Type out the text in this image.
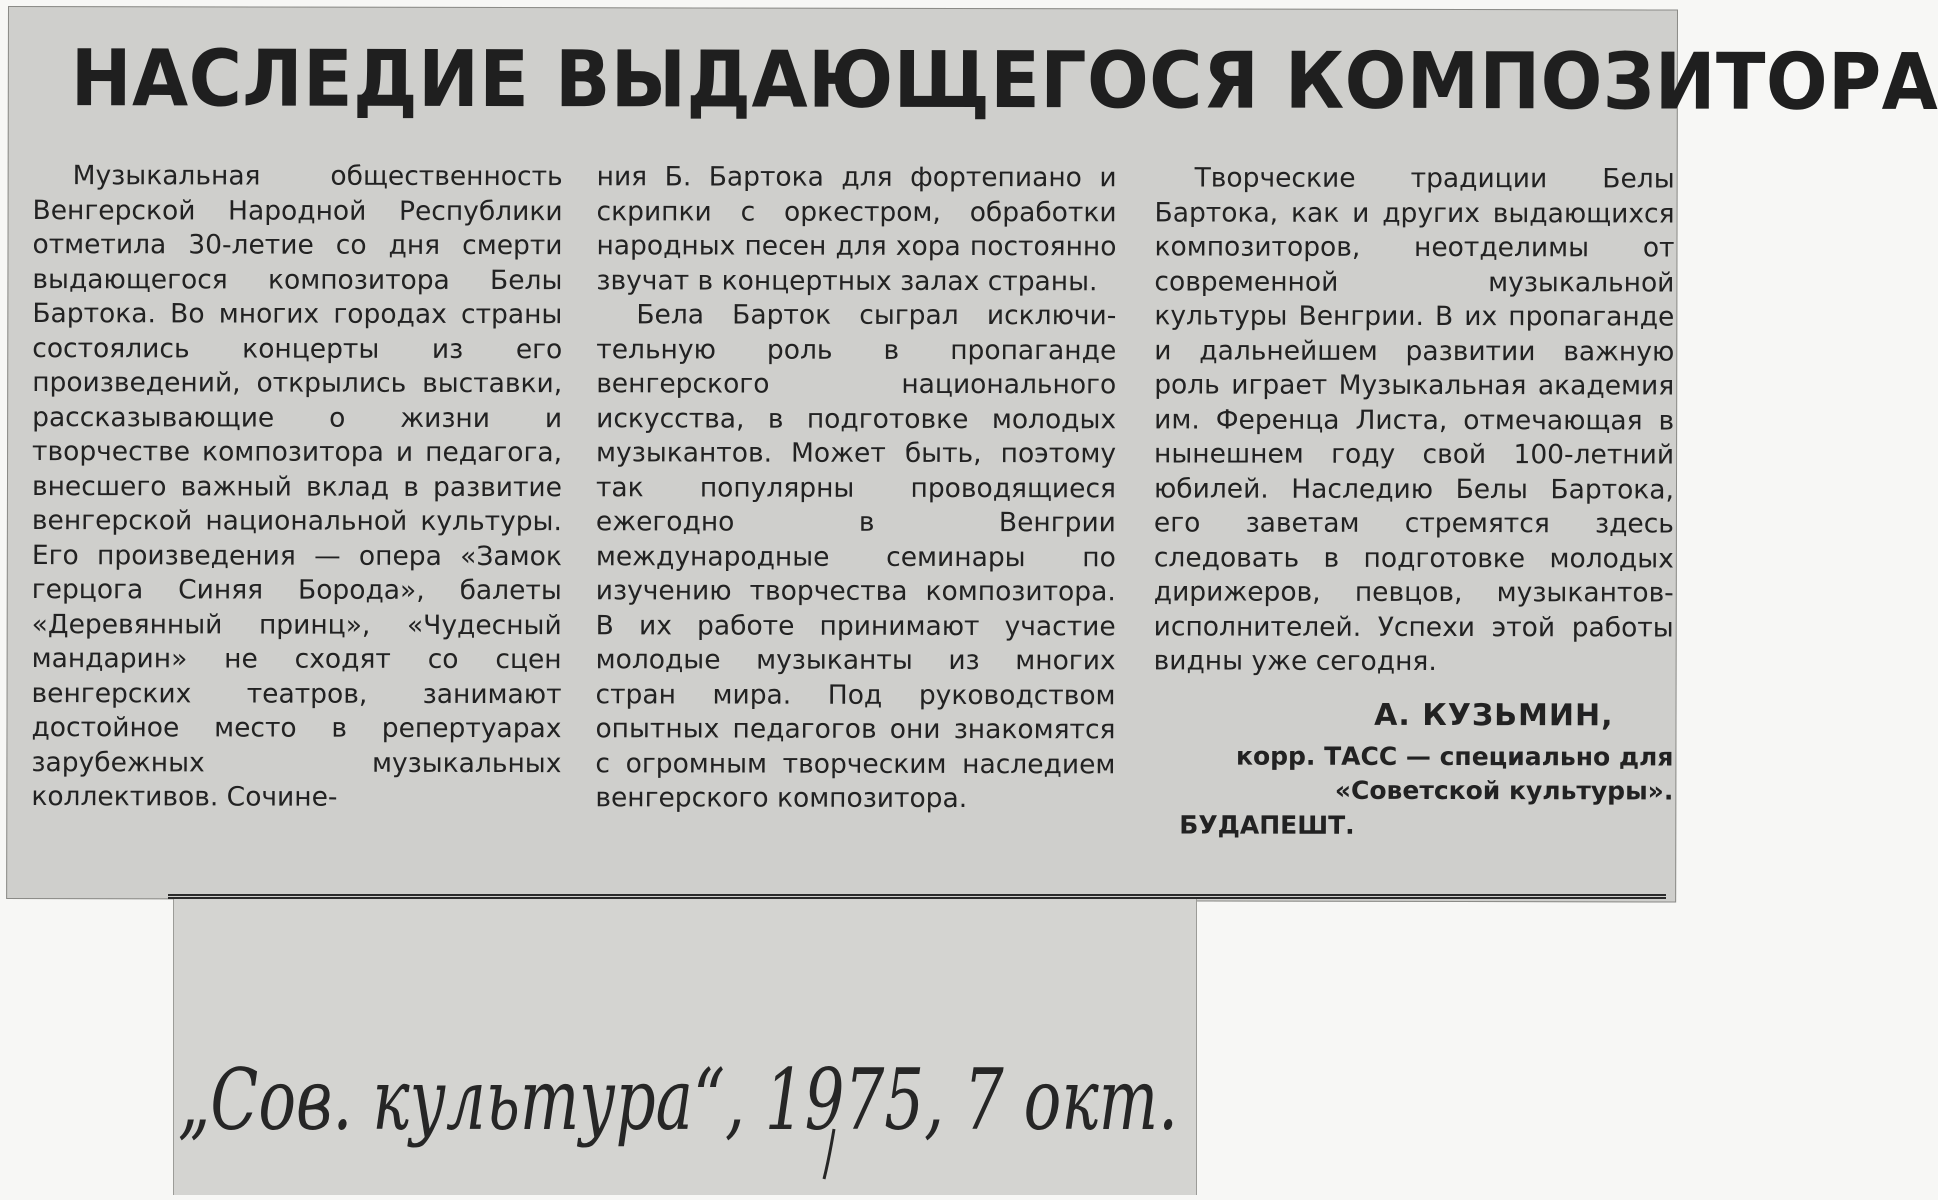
НАСЛЕДИЕ ВЫДАЮЩЕГОСЯ КОМПОЗИТОРА

Музыкальная общественность Венгерской Народной Республики отметила 30-летие со дня смерти выдающегося композитора Белы Бартока. Во многих городах страны состоялись концерты из его произведений, открылись выставки, рассказывающие о жизни и творчестве композитора и педагога, внесшего важный вклад в развитие венгерской национальной культуры. Его произведения — опера «Замок герцога Синяя Борода», балеты «Деревянный принц», «Чудесный мандарин» не сходят со сцен венгерских театров, занимают достойное место в репертуарах зарубежных музыкальных коллективов. Сочине-

ния Б. Бартока для фортепиано и скрипки с оркестром, обработки народных песен для хора постоянно звучат в концертных залах страны.

Бела Барток сыграл исключительную роль в пропаганде венгерского национального искусства, в подготовке молодых музыкантов. Может быть, поэтому так популярны проводящиеся ежегодно в Венгрии международные семинары по изучению творчества композитора. В их работе принимают участие молодые музыканты из многих стран мира. Под руководством опытных педагогов они знакомятся с огромным творческим наследием венгерского композитора.

Творческие традиции Белы Бартока, как и других выдающихся композиторов, неотделимы от современной музыкальной культуры Венгрии. В их пропаганде и дальнейшем развитии важную роль играет Музыкальная академия им. Ференца Листа, отмечающая в нынешнем году свой 100-летний юбилей. Наследию Белы Бартока, его заветам стремятся здесь следовать в подготовке молодых дирижеров, певцов, музыкантов-исполнителей. Успехи этой работы видны уже сегодня.

А. КУЗЬМИН,
корр. ТАСС — специально для «Советской культуры».
БУДАПЕШТ.
„Сов. культура“, 1975, 7 окт.
